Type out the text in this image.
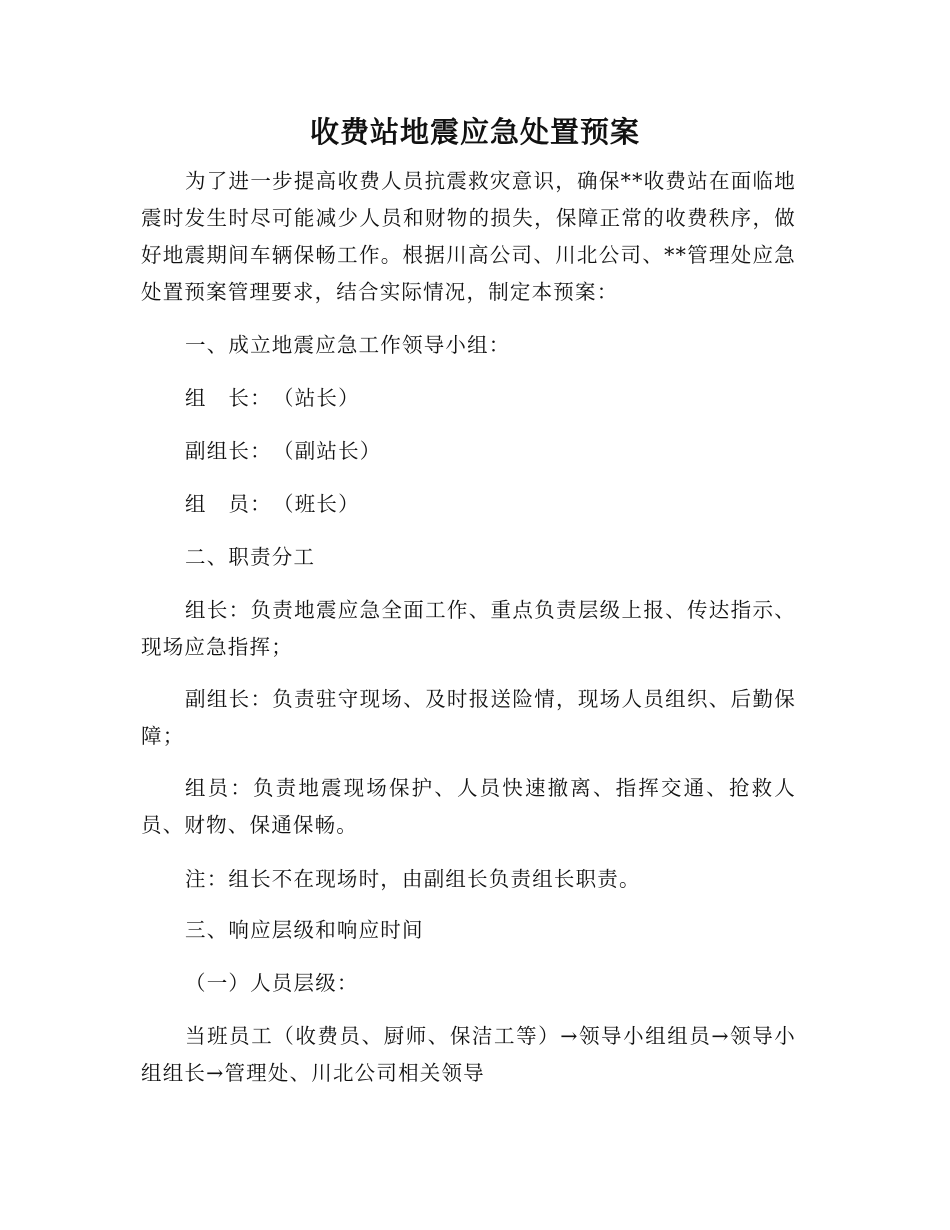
收费站地震应急处置预案
为了进一步提高收费人员抗震救灾意识，确保**收费站在面临地震时发生时尽可能减少人员和财物的损失，保障正常的收费秩序，做好地震期间车辆保畅工作。根据川高公司、川北公司、**管理处应急处置预案管理要求，结合实际情况，制定本预案：
一、成立地震应急工作领导小组：
组　长：　（站长）
副组长：　（副站长）
组　员：　（班长）
二、职责分工
组长：负责地震应急全面工作、重点负责层级上报、传达指示、现场应急指挥；
副组长：负责驻守现场、及时报送险情，现场人员组织、后勤保障；
组员：负责地震现场保护、人员快速撤离、指挥交通、抢救人员、财物、保通保畅。
注：组长不在现场时，由副组长负责组长职责。
三、响应层级和响应时间
（一）人员层级：
当班员工（收费员、厨师、保洁工等）→领导小组组员→领导小组组长→管理处、川北公司相关领导
